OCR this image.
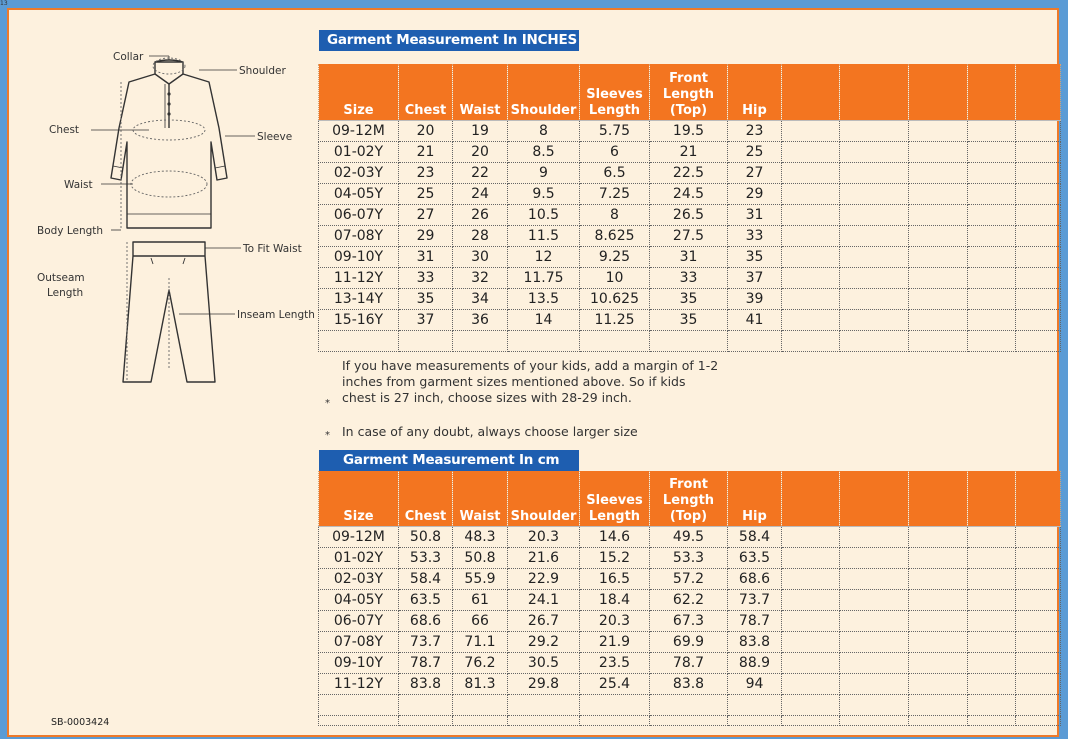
13
Collar
Shoulder
Chest
Sleeve
Waist
Body Length
To Fit Waist
Outseam
Length
Inseam Length
Garment Measurement In INCHES
Size	Chest	Waist	Shoulder	Sleeves Length	Front Length (Top)	Hip					
09-12M	20	19	8	5.75	19.5	23					
01-02Y	21	20	8.5	6	21	25					
02-03Y	23	22	9	6.5	22.5	27					
04-05Y	25	24	9.5	7.25	24.5	29					
06-07Y	27	26	10.5	8	26.5	31					
07-08Y	29	28	11.5	8.625	27.5	33					
09-10Y	31	30	12	9.25	31	35					
11-12Y	33	32	11.75	10	33	37					
13-14Y	35	34	13.5	10.625	35	39					
15-16Y	37	36	14	11.25	35	41					

*
If you have measurements of your kids, add a margin of 1-2
inches from garment sizes mentioned above. So if kids
chest is 27 inch, choose sizes with 28-29 inch.
* In case of any doubt, always choose larger size
Garment Measurement In cm
Size	Chest	Waist	Shoulder	Sleeves Length	Front Length (Top)	Hip					
09-12M	50.8	48.3	20.3	14.6	49.5	58.4					
01-02Y	53.3	50.8	21.6	15.2	53.3	63.5					
02-03Y	58.4	55.9	22.9	16.5	57.2	68.6					
04-05Y	63.5	61	24.1	18.4	62.2	73.7					
06-07Y	68.6	66	26.7	20.3	67.3	78.7					
07-08Y	73.7	71.1	29.2	21.9	69.9	83.8					
09-10Y	78.7	76.2	30.5	23.5	78.7	88.9					
11-12Y	83.8	81.3	29.8	25.4	83.8	94					

SB-0003424
